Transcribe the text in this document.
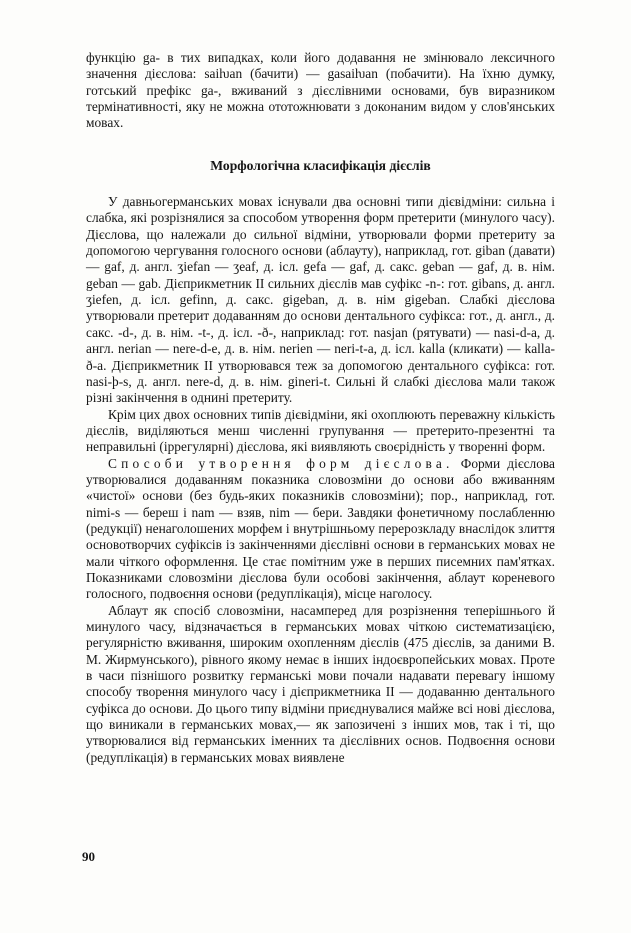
функцію ga- в тих випадках, коли його додавання не змінювало лексичного значення дієслова: saiƕan (бачити) — gasaiƕan (побачити). На їхню думку, готський префікс ga-, вживаний з дієслівними основами, був виразником термінативності, яку не можна ототожнювати з доконаним видом у слов'янських мовах.

Морфологічна класифікація дієслів

У давньогерманських мовах існували два основні типи дієвідміни: сильна і слабка, які розрізнялися за способом утворення форм претерити (минулого часу). Дієслова, що належали до сильної відміни, утворювали форми претериту за допомогою чергування голосного основи (аблауту), наприклад, гот. giban (давати) — gaf, д. англ. ʒiefan — ʒeaf, д. ісл. gefa — gaf, д. сакс. geban — gaf, д. в. нім. geban — gab. Дієприкметник II сильних дієслів мав суфікс -n-: гот. gibans, д. англ. ʒiefen, д. ісл. gefinn, д. сакс. gigeban, д. в. нім gigeban. Слабкі дієслова утворювали претерит додаванням до основи дентального суфікса: гот., д. англ., д. сакс. -d-, д. в. нім. -t-, д. ісл. -ð-, наприклад: гот. nasjan (рятувати) — nasi-d-a, д. англ. nerian — nere-d-e, д. в. нім. nerien — neri-t-a, д. ісл. kalla (кликати) — kalla-ð-a. Дієприкметник II утворювався теж за допомогою дентального суфікса: гот. nasi-þ-s, д. англ. nere-d, д. в. нім. gineri-t. Сильні й слабкі дієслова мали також різні закінчення в однині претериту.

Крім цих двох основних типів дієвідміни, які охоплюють переважну кількість дієслів, виділяються менш численні групування — претерито-презентні та неправильні (іррегулярні) дієслова, які виявляють своєрідність у творенні форм.

Способи утворення форм дієслова. Форми дієслова утворювалися додаванням показника словозміни до основи або вживанням «чистої» основи (без будь-яких показників словозміни); пор., наприклад, гот. nimi-s — береш і nam — взяв, nim — бери. Завдяки фонетичному послабленню (редукції) ненаголошених морфем і внутрішньому перерозкладу внаслідок злиття основотворчих суфіксів із закінченнями дієслівні основи в германських мовах не мали чіткого оформлення. Це стає помітним уже в перших писемних пам'ятках. Показниками словозміни дієслова були особові закінчення, аблаут кореневого голосного, подвоєння основи (редуплікація), місце наголосу.

Аблаут як спосіб словозміни, насамперед для розрізнення теперішнього й минулого часу, відзначається в германських мовах чіткою систематизацією, регулярністю вживання, широким охопленням дієслів (475 дієслів, за даними В. М. Жирмунського), рівного якому немає в інших індоєвропейських мовах. Проте в часи пізнішого розвитку германські мови почали надавати перевагу іншому способу творення минулого часу і дієприкметника II — додаванню дентального суфікса до основи. До цього типу відміни приєднувалися майже всі нові дієслова, що виникали в германських мовах,— як запозичені з інших мов, так і ті, що утворювалися від германських іменних та дієслівних основ. Подвоєння основи (редуплікація) в германських мовах виявлене

90
